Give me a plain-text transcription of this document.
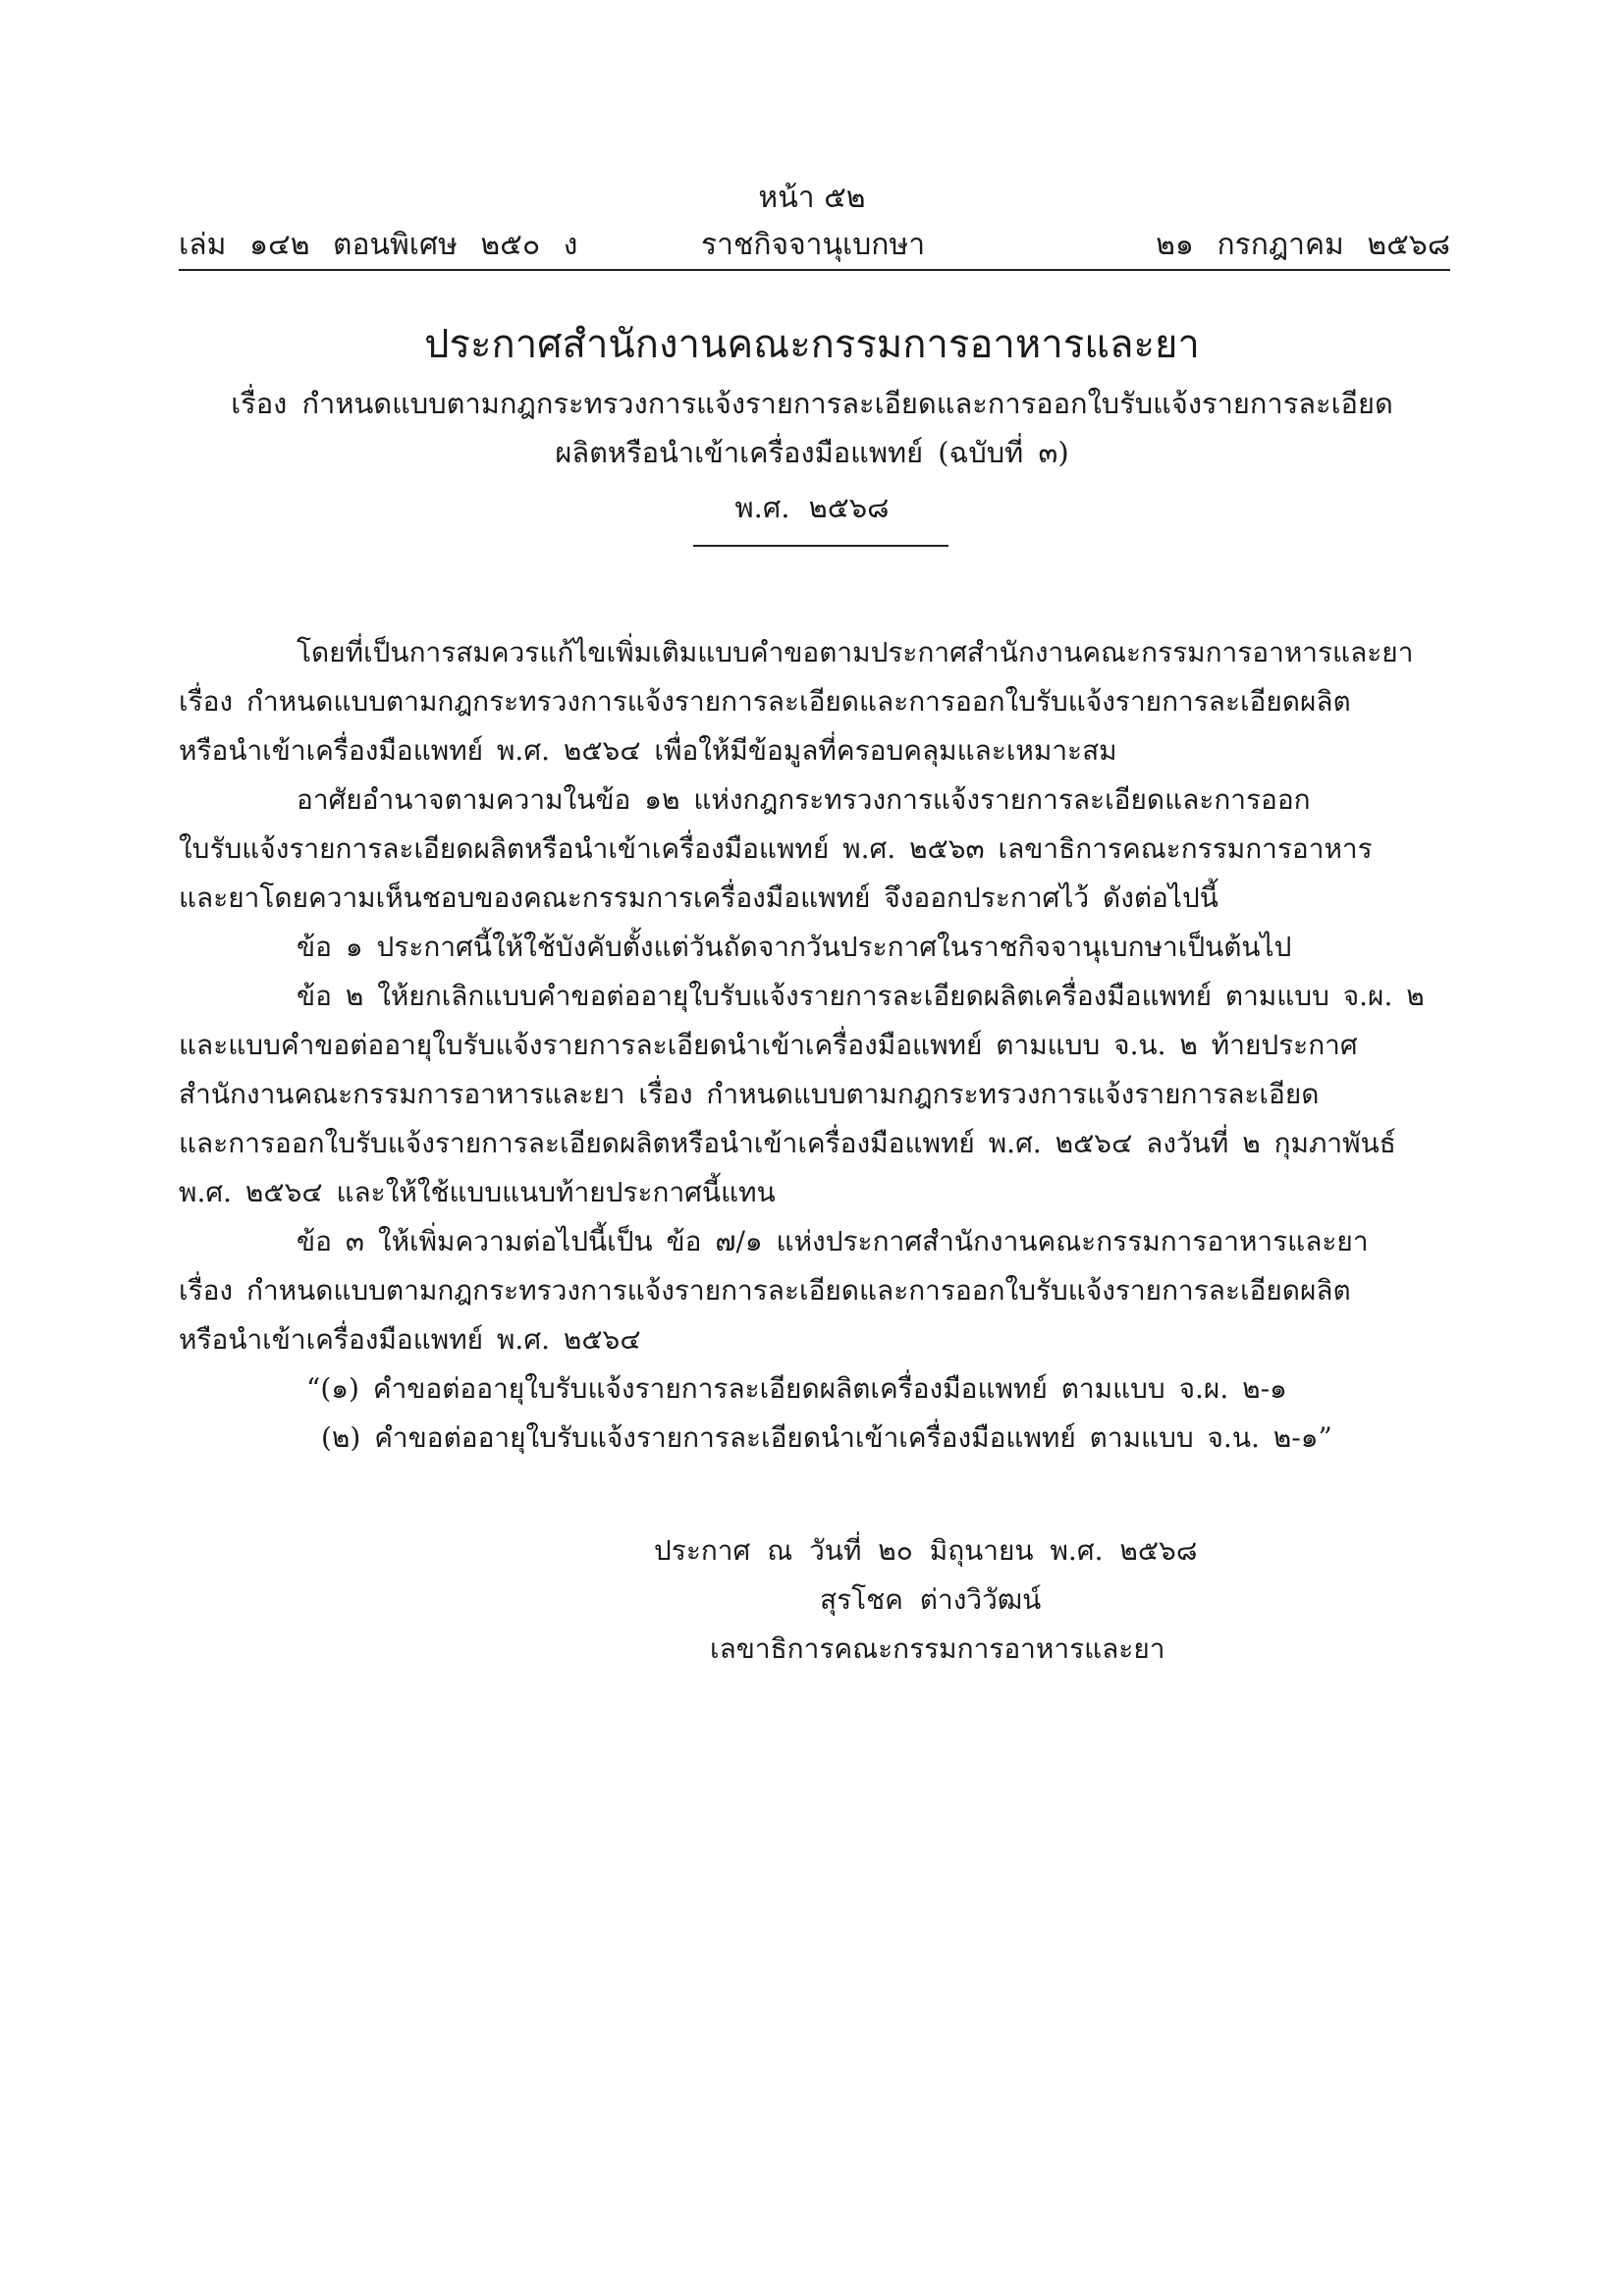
หน้า ๕๒
เล่ม ๑๔๒ ตอนพิเศษ ๒๕๐ ง	ราชกิจจานุเบกษา	๒๑ กรกฎาคม ๒๕๖๘
ประกาศสำนักงานคณะกรรมการอาหารและยา
เรื่อง กำหนดแบบตามกฎกระทรวงการแจ้งรายการละเอียดและการออกใบรับแจ้งรายการละเอียด
ผลิตหรือนำเข้าเครื่องมือแพทย์ (ฉบับที่ ๓)
พ.ศ. ๒๕๖๘

โดยที่เป็นการสมควรแก้ไขเพิ่มเติมแบบคำขอตามประกาศสำนักงานคณะกรรมการอาหารและยา
เรื่อง กำหนดแบบตามกฎกระทรวงการแจ้งรายการละเอียดและการออกใบรับแจ้งรายการละเอียดผลิต
หรือนำเข้าเครื่องมือแพทย์ พ.ศ. ๒๕๖๔ เพื่อให้มีข้อมูลที่ครอบคลุมและเหมาะสม

อาศัยอำนาจตามความในข้อ ๑๒ แห่งกฎกระทรวงการแจ้งรายการละเอียดและการออก
ใบรับแจ้งรายการละเอียดผลิตหรือนำเข้าเครื่องมือแพทย์ พ.ศ. ๒๕๖๓ เลขาธิการคณะกรรมการอาหาร
และยาโดยความเห็นชอบของคณะกรรมการเครื่องมือแพทย์ จึงออกประกาศไว้ ดังต่อไปนี้

ข้อ ๑ ประกาศนี้ให้ใช้บังคับตั้งแต่วันถัดจากวันประกาศในราชกิจจานุเบกษาเป็นต้นไป

ข้อ ๒ ให้ยกเลิกแบบคำขอต่ออายุใบรับแจ้งรายการละเอียดผลิตเครื่องมือแพทย์ ตามแบบ จ.ผ. ๒
และแบบคำขอต่ออายุใบรับแจ้งรายการละเอียดนำเข้าเครื่องมือแพทย์ ตามแบบ จ.น. ๒ ท้ายประกาศ
สำนักงานคณะกรรมการอาหารและยา เรื่อง กำหนดแบบตามกฎกระทรวงการแจ้งรายการละเอียด
และการออกใบรับแจ้งรายการละเอียดผลิตหรือนำเข้าเครื่องมือแพทย์ พ.ศ. ๒๕๖๔ ลงวันที่ ๒ กุมภาพันธ์
พ.ศ. ๒๕๖๔ และให้ใช้แบบแนบท้ายประกาศนี้แทน

ข้อ ๓ ให้เพิ่มความต่อไปนี้เป็น ข้อ ๗/๑ แห่งประกาศสำนักงานคณะกรรมการอาหารและยา
เรื่อง กำหนดแบบตามกฎกระทรวงการแจ้งรายการละเอียดและการออกใบรับแจ้งรายการละเอียดผลิต
หรือนำเข้าเครื่องมือแพทย์ พ.ศ. ๒๕๖๔

“(๑) คำขอต่ออายุใบรับแจ้งรายการละเอียดผลิตเครื่องมือแพทย์ ตามแบบ จ.ผ. ๒-๑
(๒) คำขอต่ออายุใบรับแจ้งรายการละเอียดนำเข้าเครื่องมือแพทย์ ตามแบบ จ.น. ๒-๑”

ประกาศ ณ วันที่ ๒๐ มิถุนายน พ.ศ. ๒๕๖๘
สุรโชค ต่างวิวัฒน์
เลขาธิการคณะกรรมการอาหารและยา
